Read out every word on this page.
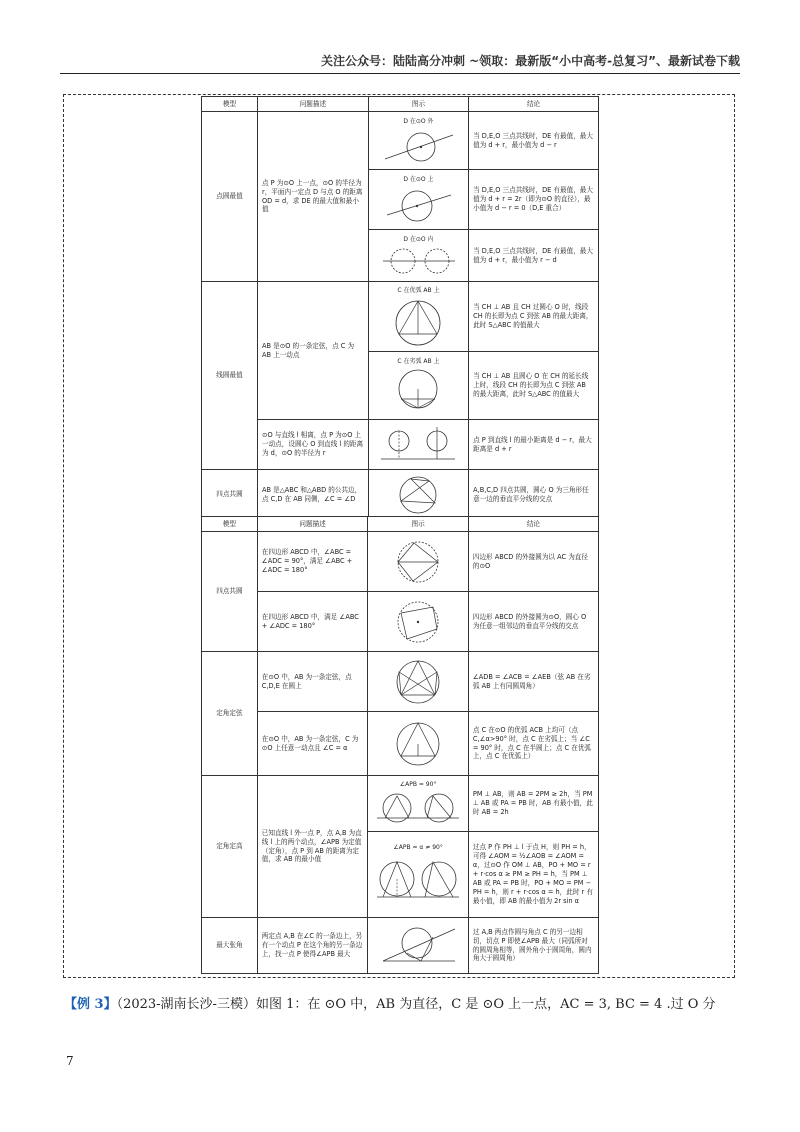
关注公众号：陆陆高分冲刺 ~领取：最新版“小中高考-总复习”、最新试卷下载
模型	问题描述	图示	结论
点圆最值	点 P 为⊙O 上一点，⊙O 的半径为 r，平面内一定点 D 与点 O 的距离 OD = d，求 DE 的最大值和最小值	D 在⊙O 外	当 D,E,O 三点共线时，DE 有最值，最大值为 d + r，最小值为 d − r

		D 在⊙O 上	当 D,E,O 三点共线时，DE 有最值，最大值为 d + r = 2r（即为⊙O 的直径），最小值为 d − r = 0（D,E 重合）

		D 在⊙O 内	当 D,E,O 三点共线时，DE 有最值，最大值为 d + r，最小值为 r − d
线圆最值	AB 是⊙O 的一条定弦，点 C 为 AB 上一动点	C 在优弧 AB 上	当 CH ⊥ AB 且 CH 过圆心 O 时，线段 CH 的长即为点 C 到弦 AB 的最大距离，此时 S△ABC 的值最大

		C 在劣弧 AB 上	当 CH ⊥ AB 且圆心 O 在 CH 的延长线上时，线段 CH 的长即为点 C 到弦 AB 的最大距离，此时 S△ABC 的值最大
	⊙O 与直线 l 相离，点 P 为⊙O 上一动点，设圆心 O 到直线 l 的距离为 d，⊙O 的半径为 r		点 P 到直线 l 的最小距离是 d − r，最大距离是 d + r
四点共圆	AB 是△ABC 和△ABD 的公共边，点 C,D 在 AB 同侧，∠C = ∠D		A,B,C,D 四点共圆，圆心 O 为三角形任意一边的垂直平分线的交点
模型	问题描述	图示	结论
四点共圆	在四边形 ABCD 中，∠ABC = ∠ADC = 90°，满足 ∠ABC + ∠ADC = 180°		四边形 ABCD 的外接圆为以 AC 为直径的⊙O
	在四边形 ABCD 中，满足 ∠ABC + ∠ADC = 180°		四边形 ABCD 的外接圆为⊙O，圆心 O 为任意一组邻边的垂直平分线的交点
定角定弦	在⊙O 中，AB 为一条定弦，点 C,D,E 在圆上		∠ADB = ∠ACB = ∠AEB（弦 AB 在劣弧 AB 上有同圆周角）
	在⊙O 中，AB 为一条定弦，C 为⊙O 上任意一动点且 ∠C = α		点 C 在⊙O 的优弧 ACB 上均可（点 C,∠α>90° 时，点 C 在劣弧上；当 ∠C = 90° 时，点 C 在半圆上；点 C 在优弧上，点 C 在优弧上）
定角定高	已知直线 l 外一点 P，点 A,B 为直线 l 上的两个动点，∠APB 为定值（定角），点 P 到 AB 的距离为定值，求 AB 的最小值	∠APB = 90°	PM ⊥ AB，则 AB = 2PM ≥ 2h，当 PM ⊥ AB 或 PA = PB 时，AB 有最小值，此时 AB = 2h

		∠APB = α ≠ 90°	过点 P 作 PH ⊥ l 于点 H，则 PH = h，可得 ∠AOM = ½∠AOB = ∠AOM = α，过⊙O 作 OM ⊥ AB，PO + MO = r + r·cos α ≥ PM ≥ PH = h，当 PM ⊥ AB 或 PA = PB 时，PO + MO = PM − PH = h，则 r + r·cos α = h，此时 r 有最小值，即 AB 的最小值为 2r sin α
最大张角	两定点 A,B 在∠C 的一条边上，另有一个动点 P 在这个角的另一条边上，找一点 P 使得∠APB 最大		过 A,B 两点作圆与角点 C 的另一边相切，切点 P 即使∠APB 最大（同弧所对的圆周角相等，圆外角小于圆周角，圆内角大于圆周角）
【例 3】（2023-湖南长沙-三模）如图 1：在 ⊙O 中，AB 为直径，C 是 ⊙O 上一点，AC = 3, BC = 4 .过 O 分
7
